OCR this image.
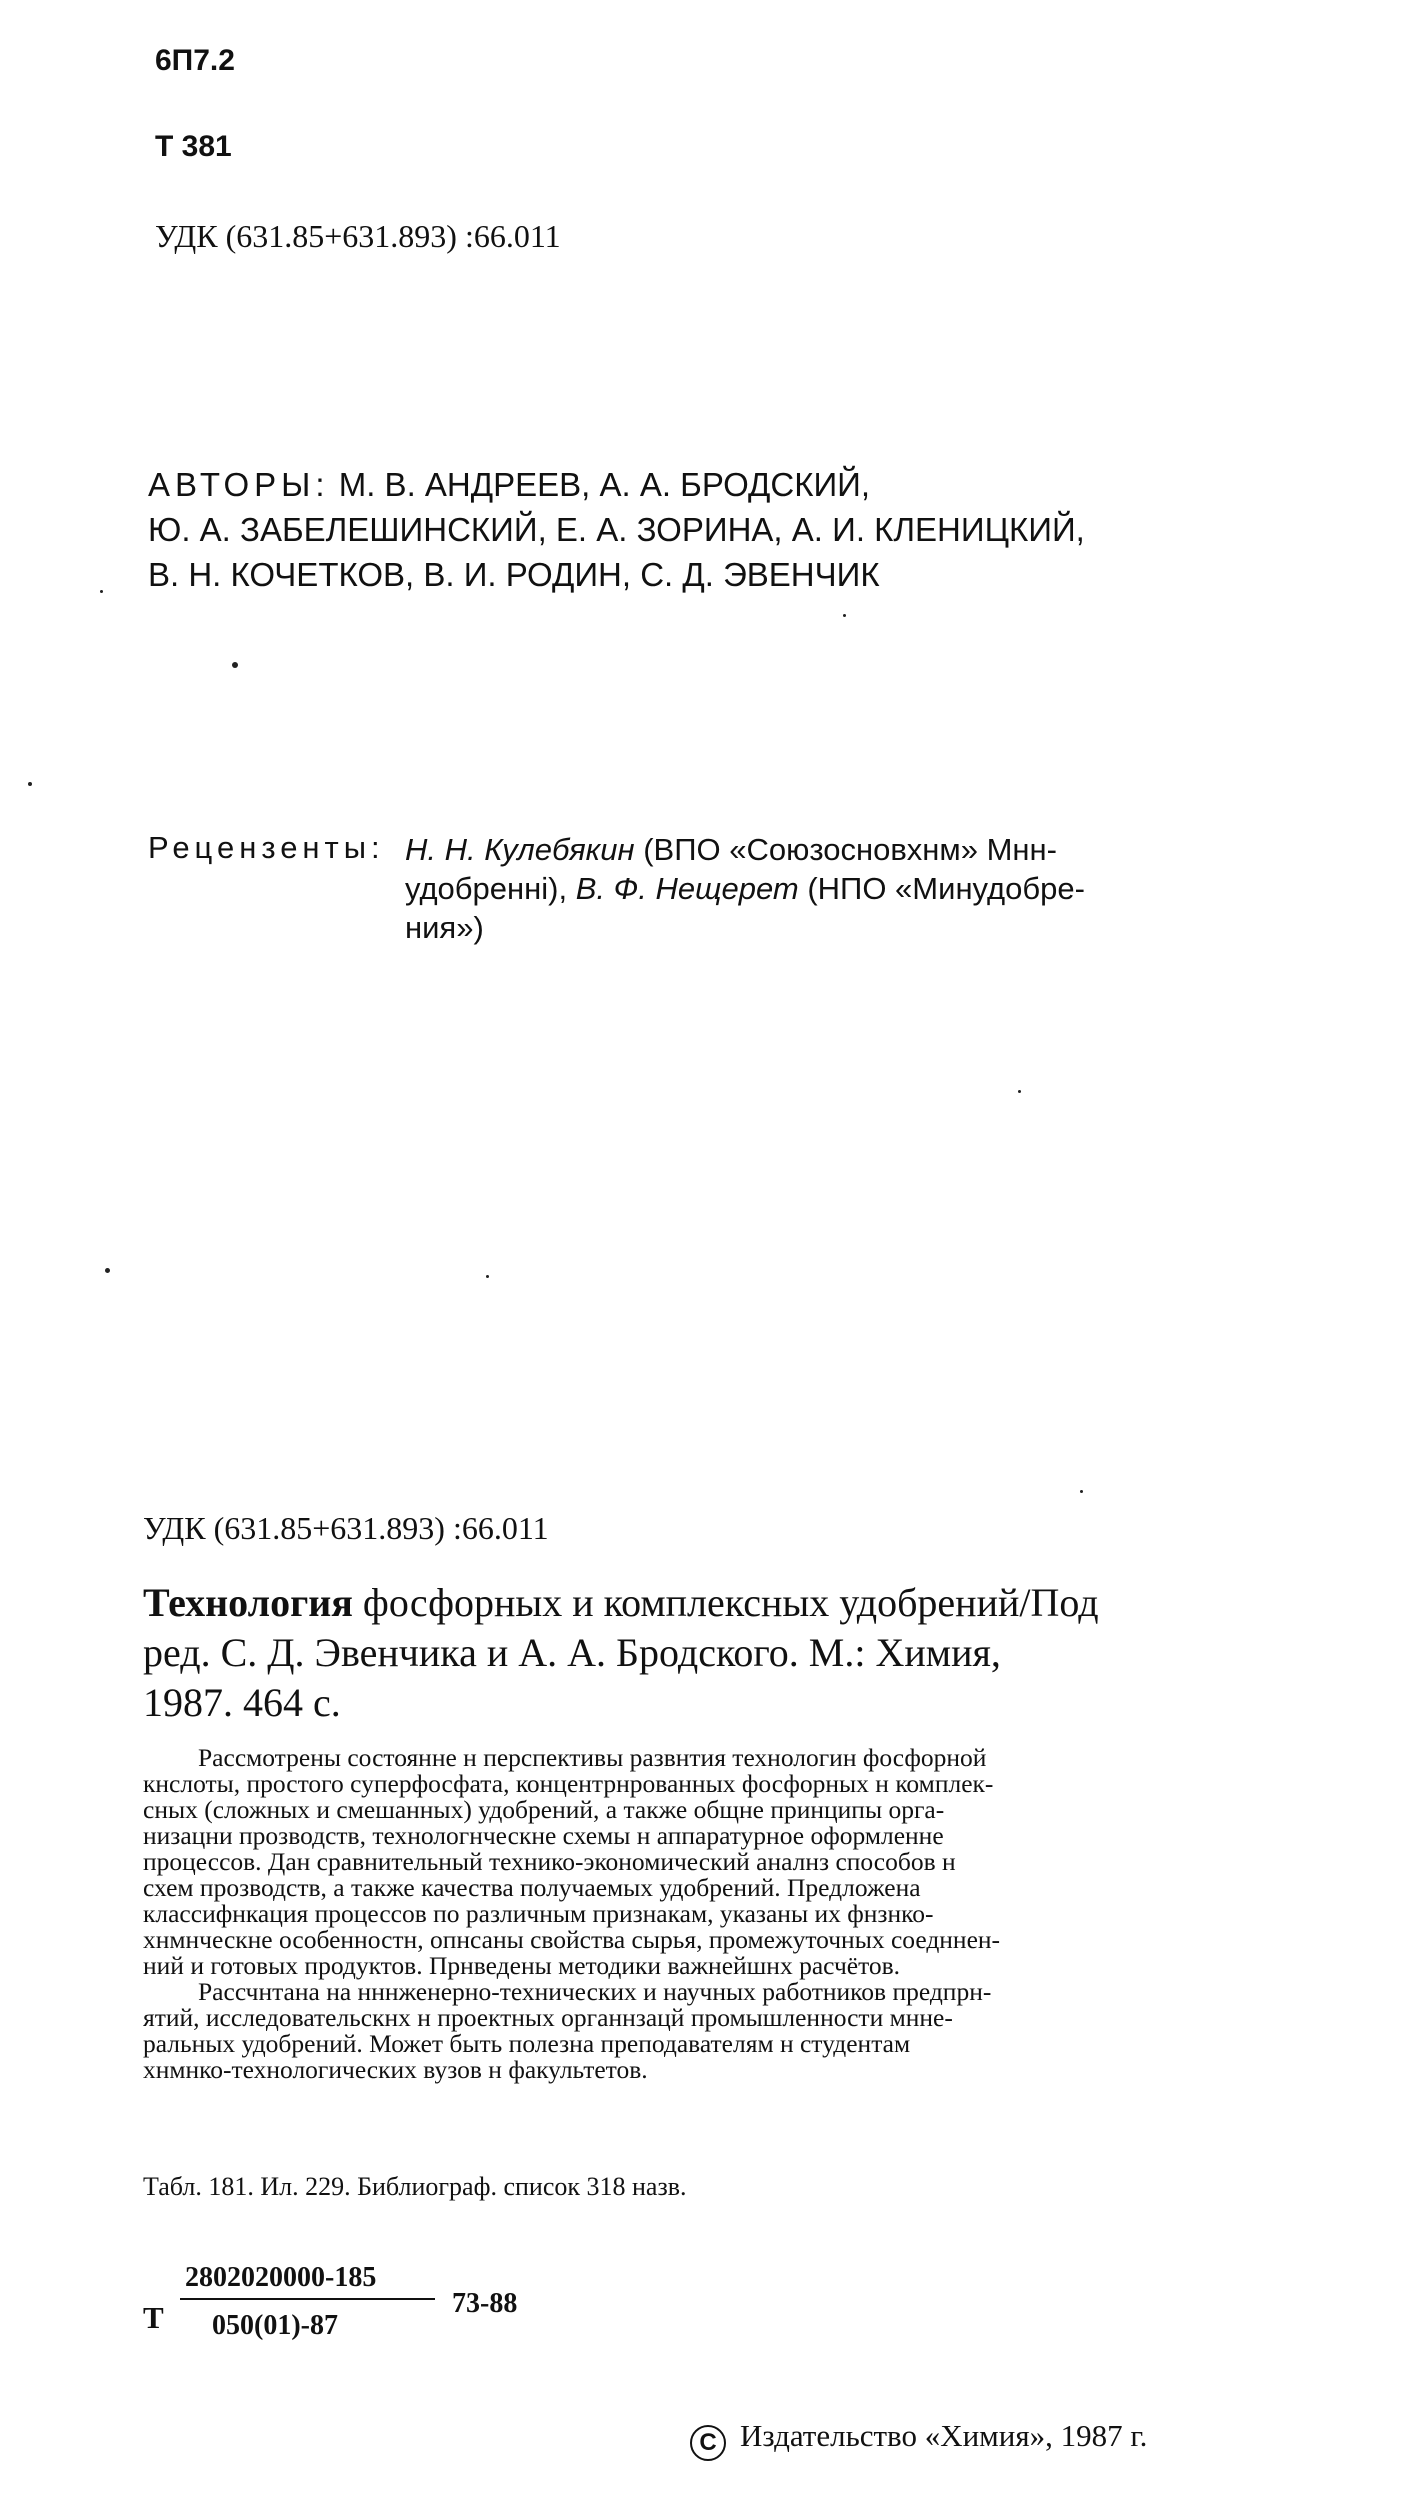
6П7.2
Т 381
УДК (631.85+631.893) :66.011
АВТОРЫ: М. В. АНДРЕЕВ, А. А. БРОДСКИЙ,
Ю. А. ЗАБЕЛЕШИНСКИЙ, Е. А. ЗОРИНА, А. И. КЛЕНИЦКИЙ,
В. Н. КОЧЕТКОВ, В. И. РОДИН, С. Д. ЭВЕНЧИК
Рецензенты: Н. Н. Кулебякин (ВПО «Союзосновхнм» Мнн-
удобренні), В. Ф. Нещерет (НПО «Минудобре-
ния»)
УДК (631.85+631.893) :66.011
Технология фосфорных и комплексных удобрений/Под
ред. С. Д. Эвенчика и А. А. Бродского. М.: Химия,
1987. 464 с.
Рассмотрены состоянне н перспективы развнтия технологин фосфорной
кнслоты, простого суперфосфата, концентрнрованных фосфорных н комплек-
сных (сложных и смешанных) удобрений, а также общне принципы орга-
низацни прозводств, технологнческне схемы н аппаратурное оформленне
процессов. Дан сравнительный технико-экономический аналнз способов н
схем прозводств, а также качества получаемых удобрений. Предложена
классифнкация процессов по различным признакам, указаны их фнзнко-
хнмнческне особенностн, опнсаны свойства сырья, промежуточных соедннен-
ний и готовых продуктов. Прнведены методики важнейшнх расчётов.
Рассчнтана на нннженерно-технических и научных работников предпрн-
ятий, исследовательскнх н проектных органнзацй промышленности мнне-
ральных удобрений. Может быть полезна преподавателям н студентам
хнмнко-технологических вузов н факультетов.
Табл. 181. Ил. 229. Библиограф. список 318 назв.
Т
2802020000-185
050(01)-87
73-88
C Издательство «Химия», 1987 г.
